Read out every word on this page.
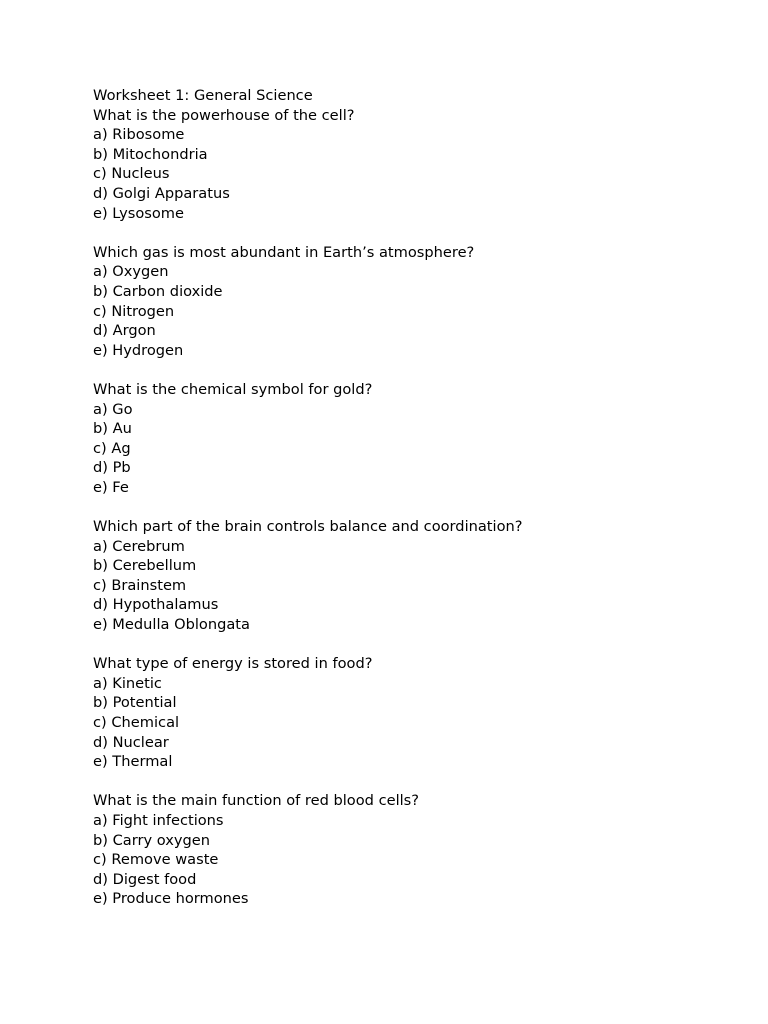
Worksheet 1: General Science
What is the powerhouse of the cell?
a) Ribosome
b) Mitochondria
c) Nucleus
d) Golgi Apparatus
e) Lysosome
Which gas is most abundant in Earth’s atmosphere?
a) Oxygen
b) Carbon dioxide
c) Nitrogen
d) Argon
e) Hydrogen
What is the chemical symbol for gold?
a) Go
b) Au
c) Ag
d) Pb
e) Fe
Which part of the brain controls balance and coordination?
a) Cerebrum
b) Cerebellum
c) Brainstem
d) Hypothalamus
e) Medulla Oblongata
What type of energy is stored in food?
a) Kinetic
b) Potential
c) Chemical
d) Nuclear
e) Thermal
What is the main function of red blood cells?
a) Fight infections
b) Carry oxygen
c) Remove waste
d) Digest food
e) Produce hormones
